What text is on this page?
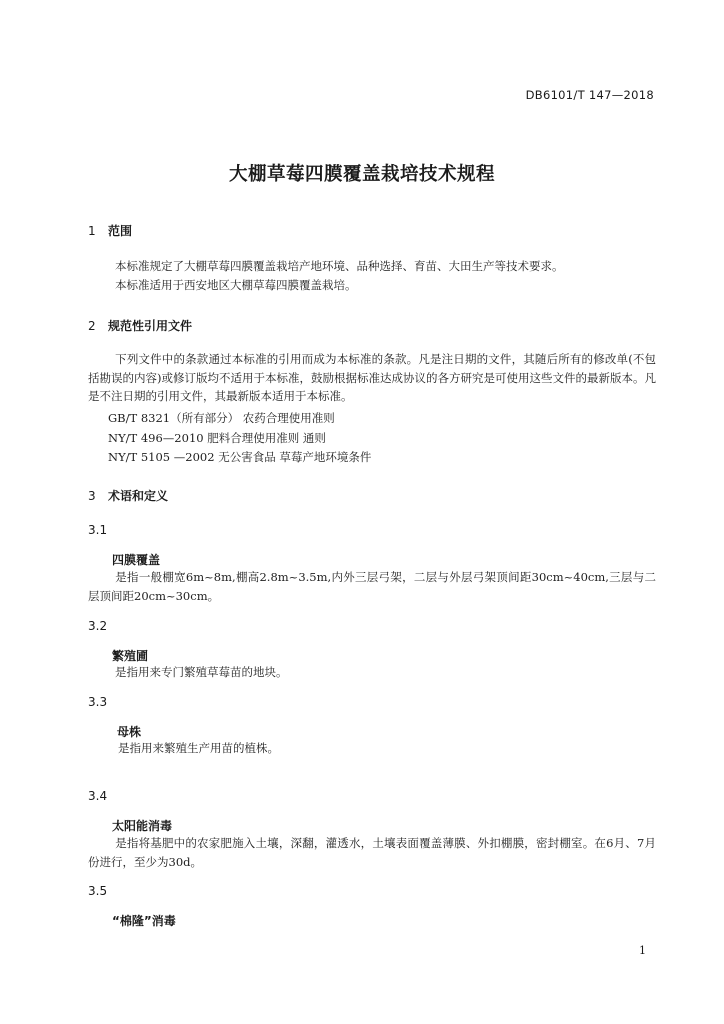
DB6101/T 147—2018
大棚草莓四膜覆盖栽培技术规程
1 范围
本标准规定了大棚草莓四膜覆盖栽培产地环境、品种选择、育苗、大田生产等技术要求。
本标准适用于西安地区大棚草莓四膜覆盖栽培。
2 规范性引用文件
下列文件中的条款通过本标准的引用而成为本标准的条款。凡是注日期的文件，其随后所有的修改单(不包括勘误的内容)或修订版均不适用于本标准，鼓励根据标准达成协议的各方研究是可使用这些文件的最新版本。凡是不注日期的引用文件，其最新版本适用于本标准。
GB/T 8321（所有部分） 农药合理使用准则
NY/T 496—2010 肥料合理使用准则 通则
NY/T 5105 —2002 无公害食品 草莓产地环境条件
3 术语和定义
3.1
四膜覆盖
是指一般棚宽6m~8m,棚高2.8m~3.5m,内外三层弓架，二层与外层弓架顶间距30cm~40cm,三层与二层顶间距20cm~30cm。
3.2
繁殖圃
是指用来专门繁殖草莓苗的地块。
3.3
母株
是指用来繁殖生产用苗的植株。
3.4
太阳能消毒
是指将基肥中的农家肥施入土壤，深翻，灌透水，土壤表面覆盖薄膜、外扣棚膜，密封棚室。在6月、7月份进行，至少为30d。
3.5
“棉隆”消毒
1
